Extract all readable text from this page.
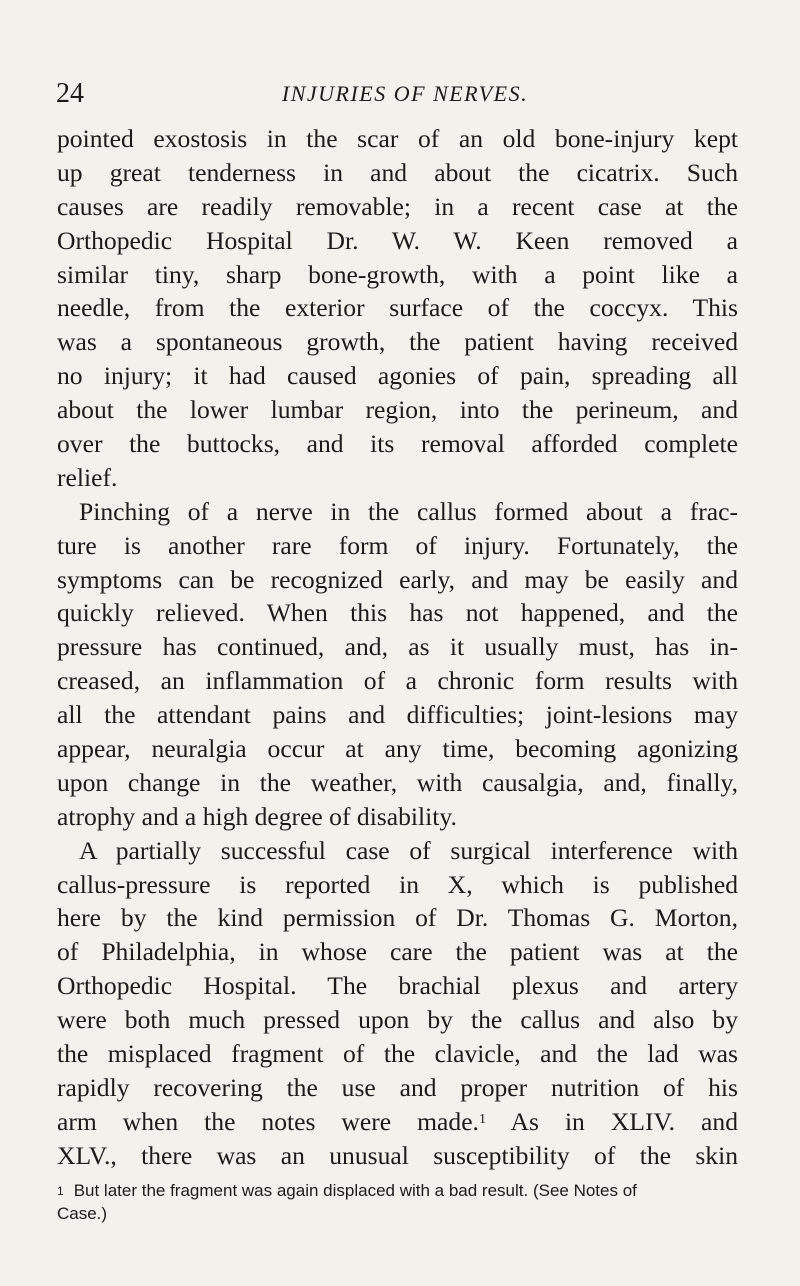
24	INJURIES OF NERVES.
pointed exostosis in the scar of an old bone-injury kept
up great tenderness in and about the cicatrix. Such
causes are readily removable; in a recent case at the
Orthopedic Hospital Dr. W. W. Keen removed a
similar tiny, sharp bone-growth, with a point like a
needle, from the exterior surface of the coccyx. This
was a spontaneous growth, the patient having received
no injury; it had caused agonies of pain, spreading all
about the lower lumbar region, into the perineum, and
over the buttocks, and its removal afforded complete
relief.
Pinching of a nerve in the callus formed about a frac-
ture is another rare form of injury. Fortunately, the
symptoms can be recognized early, and may be easily and
quickly relieved. When this has not happened, and the
pressure has continued, and, as it usually must, has in-
creased, an inflammation of a chronic form results with
all the attendant pains and difficulties; joint-lesions may
appear, neuralgia occur at any time, becoming agonizing
upon change in the weather, with causalgia, and, finally,
atrophy and a high degree of disability.
A partially successful case of surgical interference with
callus-pressure is reported in X, which is published
here by the kind permission of Dr. Thomas G. Morton,
of Philadelphia, in whose care the patient was at the
Orthopedic Hospital. The brachial plexus and artery
were both much pressed upon by the callus and also by
the misplaced fragment of the clavicle, and the lad was
rapidly recovering the use and proper nutrition of his
arm when the notes were made.$^1$ As in XLIV. and
XLV., there was an unusual susceptibility of the skin
$^1$ But later the fragment was again displaced with a bad result. (See Notes of
Case.)
